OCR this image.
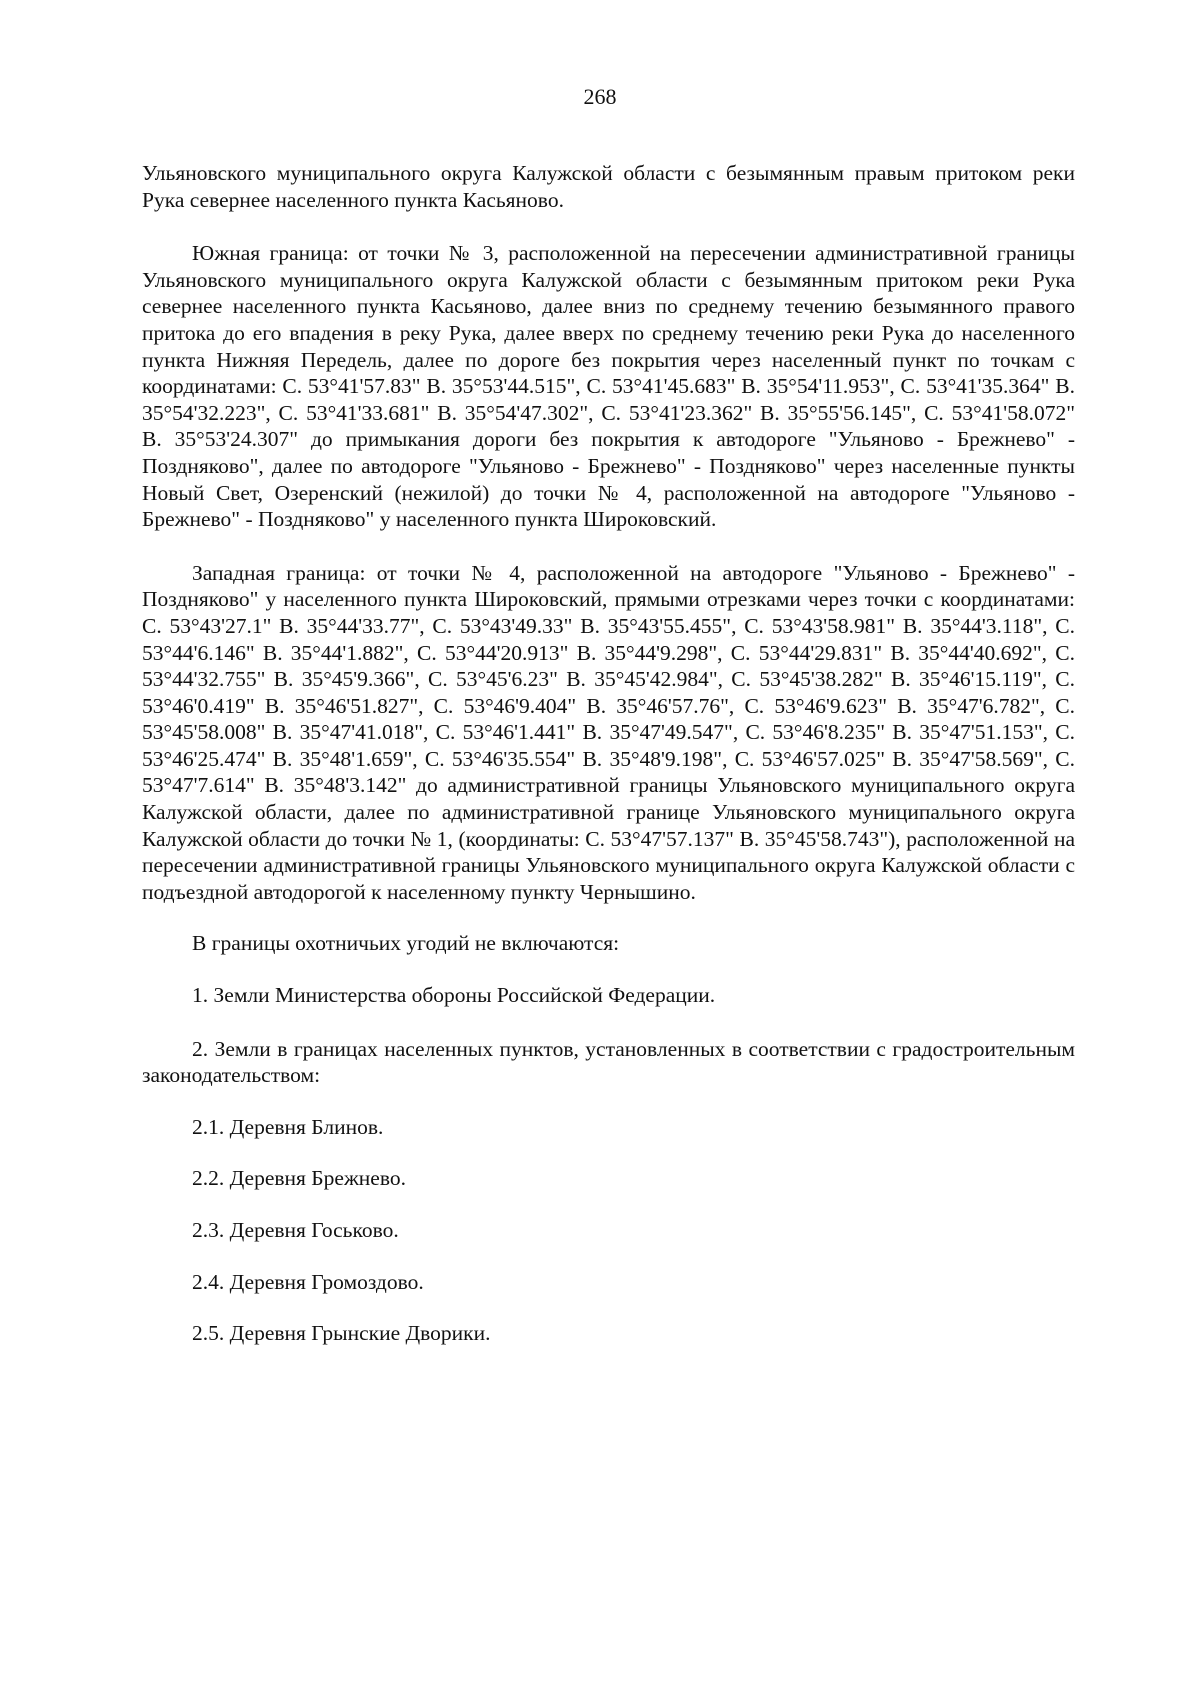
268

Ульяновского муниципального округа Калужской области с безымянным правым притоком реки Рука севернее населенного пункта Касьяново.

Южная граница: от точки № 3, расположенной на пересечении административной границы Ульяновского муниципального округа Калужской области с безымянным притоком реки Рука севернее населенного пункта Касьяново, далее вниз по среднему течению безымянного правого притока до его впадения в реку Рука, далее вверх по среднему течению реки Рука до населенного пункта Нижняя Передель, далее по дороге без покрытия через населенный пункт по точкам с координатами: С. 53°41'57.83" В. 35°53'44.515", С. 53°41'45.683" В. 35°54'11.953", С. 53°41'35.364" В. 35°54'32.223", С. 53°41'33.681" В. 35°54'47.302", С. 53°41'23.362" В. 35°55'56.145", С. 53°41'58.072" В. 35°53'24.307" до примыкания дороги без покрытия к автодороге "Ульяново - Брежнево" - Поздняково", далее по автодороге "Ульяново - Брежнево" - Поздняково" через населенные пункты Новый Свет, Озеренский (нежилой) до точки № 4, расположенной на автодороге "Ульяново - Брежнево" - Поздняково" у населенного пункта Широковский.

Западная граница: от точки № 4, расположенной на автодороге "Ульяново - Брежнево" - Поздняково" у населенного пункта Широковский, прямыми отрезками через точки с координатами: С. 53°43'27.1" В. 35°44'33.77", С. 53°43'49.33" В. 35°43'55.455", С. 53°43'58.981" В. 35°44'3.118", С. 53°44'6.146" В. 35°44'1.882", С. 53°44'20.913" В. 35°44'9.298", С. 53°44'29.831" В. 35°44'40.692", С. 53°44'32.755" В. 35°45'9.366", С. 53°45'6.23" В. 35°45'42.984", С. 53°45'38.282" В. 35°46'15.119", С. 53°46'0.419" В. 35°46'51.827", С. 53°46'9.404" В. 35°46'57.76", С. 53°46'9.623" В. 35°47'6.782", С. 53°45'58.008" В. 35°47'41.018", С. 53°46'1.441" В. 35°47'49.547", С. 53°46'8.235" В. 35°47'51.153", С. 53°46'25.474" В. 35°48'1.659", С. 53°46'35.554" В. 35°48'9.198", С. 53°46'57.025" В. 35°47'58.569", С. 53°47'7.614" В. 35°48'3.142" до административной границы Ульяновского муниципального округа Калужской области, далее по административной границе Ульяновского муниципального округа Калужской области до точки № 1, (координаты: С. 53°47'57.137" В. 35°45'58.743"), расположенной на пересечении административной границы Ульяновского муниципального округа Калужской области с подъездной автодорогой к населенному пункту Чернышино.

В границы охотничьих угодий не включаются:

1. Земли Министерства обороны Российской Федерации.

2. Земли в границах населенных пунктов, установленных в соответствии с градостроительным законодательством:

2.1. Деревня Блинов.

2.2. Деревня Брежнево.

2.3. Деревня Госьково.

2.4. Деревня Громоздово.

2.5. Деревня Грынские Дворики.
